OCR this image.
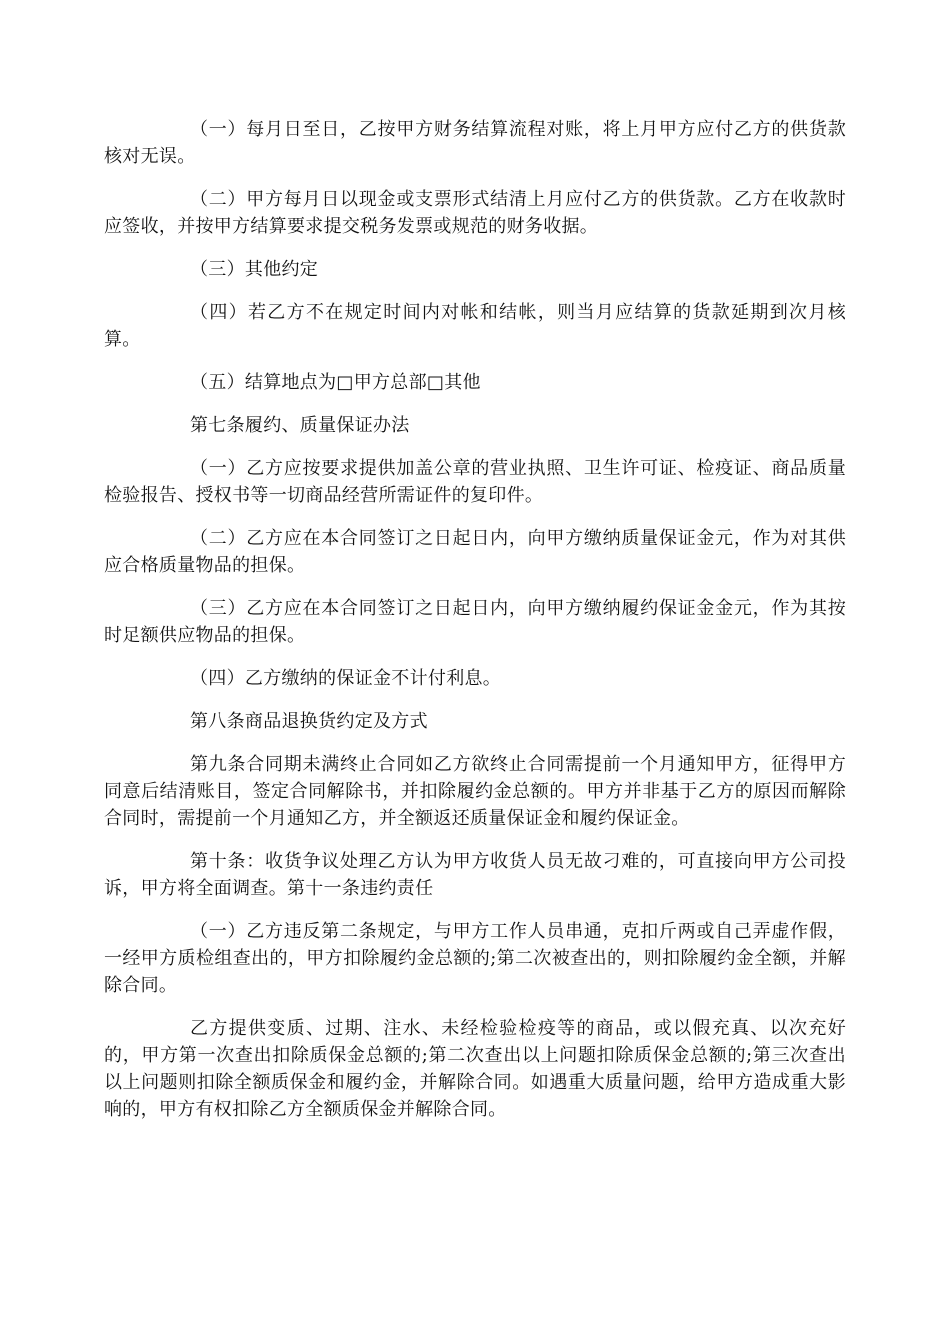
（一）每月日至日，乙按甲方财务结算流程对账，将上月甲方应付乙方的供货款核对无误。

（二）甲方每月日以现金或支票形式结清上月应付乙方的供货款。乙方在收款时应签收，并按甲方结算要求提交税务发票或规范的财务收据。

（三）其他约定

（四）若乙方不在规定时间内对帐和结帐，则当月应结算的货款延期到次月核算。

（五）结算地点为□甲方总部□其他

第七条履约、质量保证办法

（一）乙方应按要求提供加盖公章的营业执照、卫生许可证、检疫证、商品质量检验报告、授权书等一切商品经营所需证件的复印件。

（二）乙方应在本合同签订之日起日内，向甲方缴纳质量保证金元，作为对其供应合格质量物品的担保。

（三）乙方应在本合同签订之日起日内，向甲方缴纳履约保证金金元，作为其按时足额供应物品的担保。

（四）乙方缴纳的保证金不计付利息。

第八条商品退换货约定及方式

第九条合同期未满终止合同如乙方欲终止合同需提前一个月通知甲方，征得甲方同意后结清账目，签定合同解除书，并扣除履约金总额的。甲方并非基于乙方的原因而解除合同时，需提前一个月通知乙方，并全额返还质量保证金和履约保证金。

第十条：收货争议处理乙方认为甲方收货人员无故刁难的，可直接向甲方公司投诉，甲方将全面调查。第十一条违约责任

（一）乙方违反第二条规定，与甲方工作人员串通，克扣斤两或自己弄虚作假，一经甲方质检组查出的，甲方扣除履约金总额的;第二次被查出的，则扣除履约金全额，并解除合同。

乙方提供变质、过期、注水、未经检验检疫等的商品，或以假充真、以次充好的，甲方第一次查出扣除质保金总额的;第二次查出以上问题扣除质保金总额的;第三次查出以上问题则扣除全额质保金和履约金，并解除合同。如遇重大质量问题，给甲方造成重大影响的，甲方有权扣除乙方全额质保金并解除合同。
